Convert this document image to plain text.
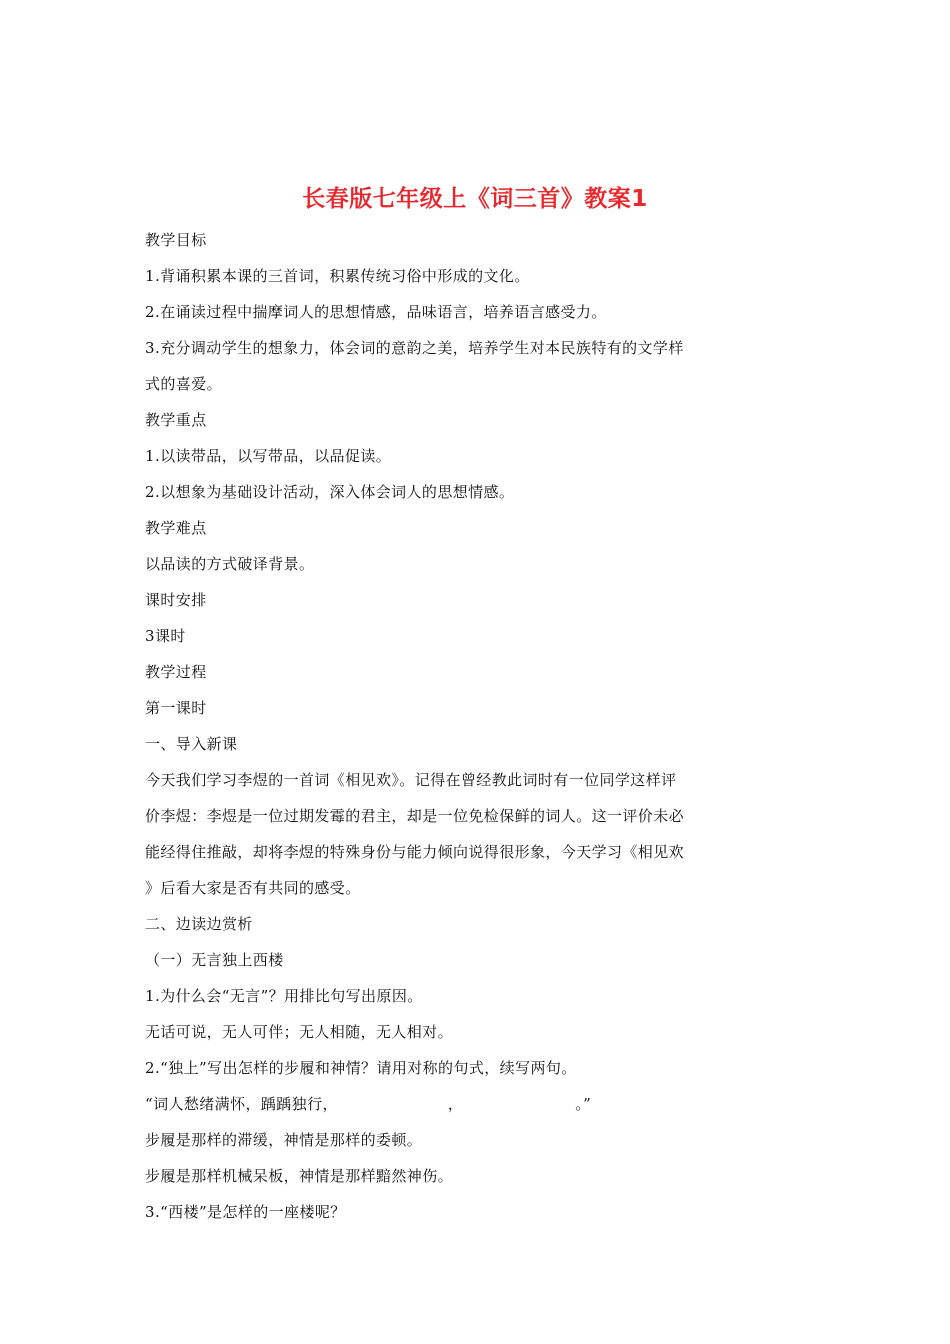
长春版七年级上《词三首》教案1
教学目标
1.背诵积累本课的三首词，积累传统习俗中形成的文化。
2.在诵读过程中揣摩词人的思想情感，品味语言，培养语言感受力。
3.充分调动学生的想象力，体会词的意韵之美，培养学生对本民族特有的文学样
式的喜爱。
教学重点
1.以读带品，以写带品，以品促读。
2.以想象为基础设计活动，深入体会词人的思想情感。
教学难点
以品读的方式破译背景。
课时安排
3课时
教学过程
第一课时
一、导入新课
今天我们学习李煜的一首词《相见欢》。记得在曾经教此词时有一位同学这样评
价李煜：李煜是一位过期发霉的君主，却是一位免检保鲜的词人。这一评价未必
能经得住推敲，却将李煜的特殊身份与能力倾向说得很形象，今天学习《相见欢
》后看大家是否有共同的感受。
二、边读边赏析
（一）无言独上西楼
1.为什么会“无言”？用排比句写出原因。
无话可说，无人可伴；无人相随，无人相对。
2.“独上”写出怎样的步履和神情？请用对称的句式，续写两句。
“词人愁绪满怀，踽踽独行，	，	。”
步履是那样的滞缓，神情是那样的委顿。
步履是那样机械呆板，神情是那样黯然神伤。
3.“西楼”是怎样的一座楼呢？
